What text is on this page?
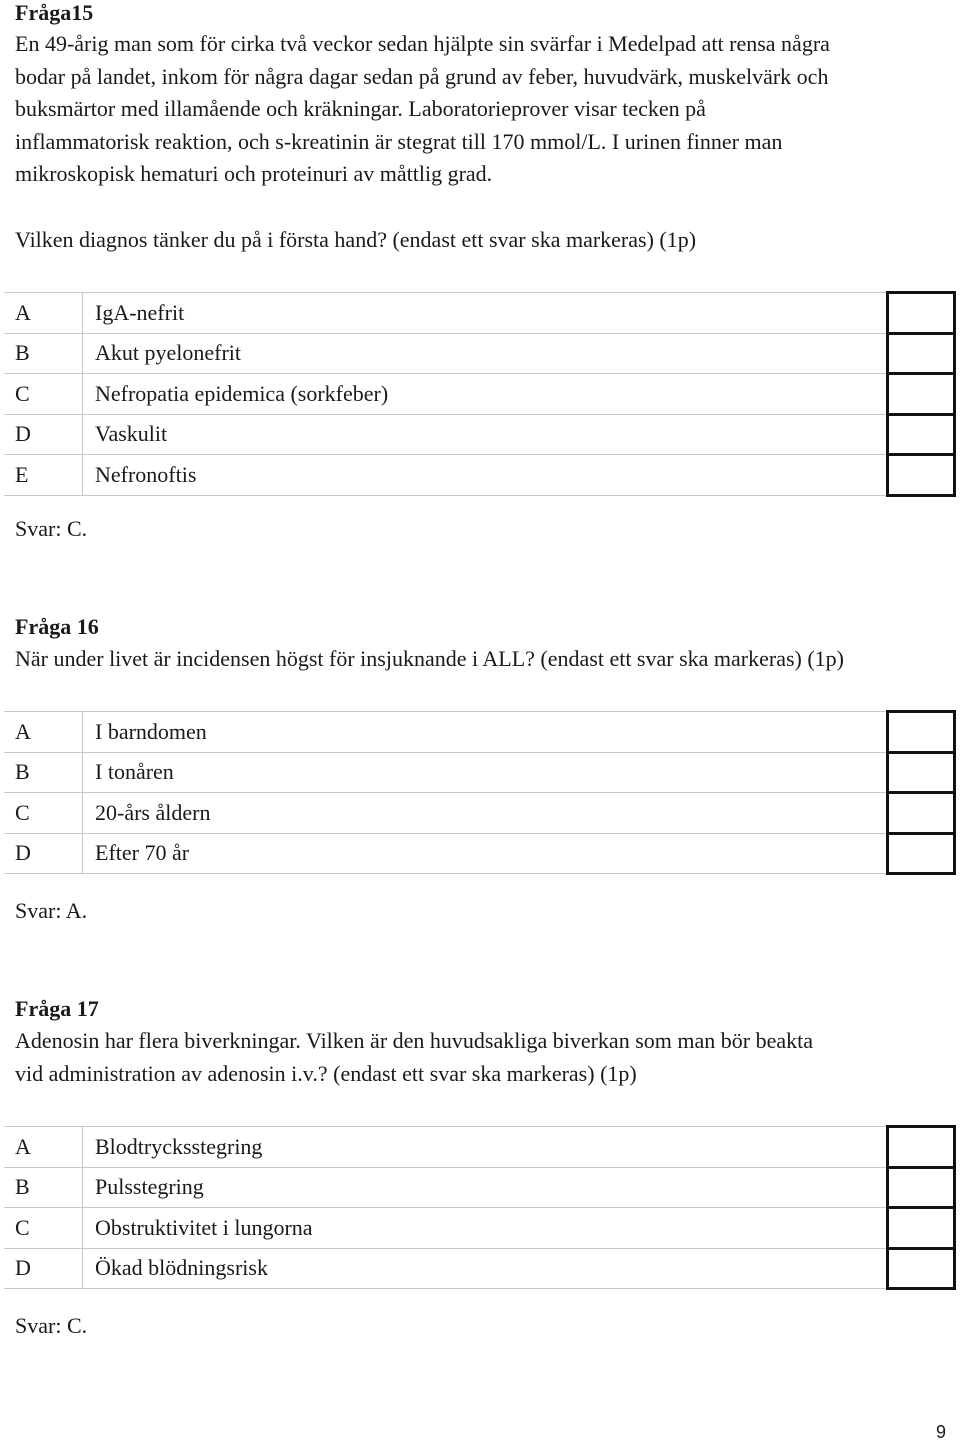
Fråga15
En 49-årig man som för cirka två veckor sedan hjälpte sin svärfar i Medelpad att rensa några
bodar på landet, inkom för några dagar sedan på grund av feber, huvudvärk, muskelvärk och
buksmärtor med illamående och kräkningar. Laboratorieprover visar tecken på
inflammatorisk reaktion, och s-kreatinin är stegrat till 170 mmol/L. I urinen finner man
mikroskopisk hematuri och proteinuri av måttlig grad.
Vilken diagnos tänker du på i första hand? (endast ett svar ska markeras) (1p)
A	IgA-nefrit	
B	Akut pyelonefrit	
C	Nefropatia epidemica (sorkfeber)	
D	Vaskulit	
E	Nefronoftis	
Svar: C.
Fråga 16
När under livet är incidensen högst för insjuknande i ALL? (endast ett svar ska markeras) (1p)
A	I barndomen	
B	I tonåren	
C	20-års åldern	
D	Efter 70 år	
Svar: A.
Fråga 17
Adenosin har flera biverkningar. Vilken är den huvudsakliga biverkan som man bör beakta
vid administration av adenosin i.v.? (endast ett svar ska markeras) (1p)
A	Blodtrycksstegring	
B	Pulsstegring	
C	Obstruktivitet i lungorna	
D	Ökad blödningsrisk	
Svar: C.
9
